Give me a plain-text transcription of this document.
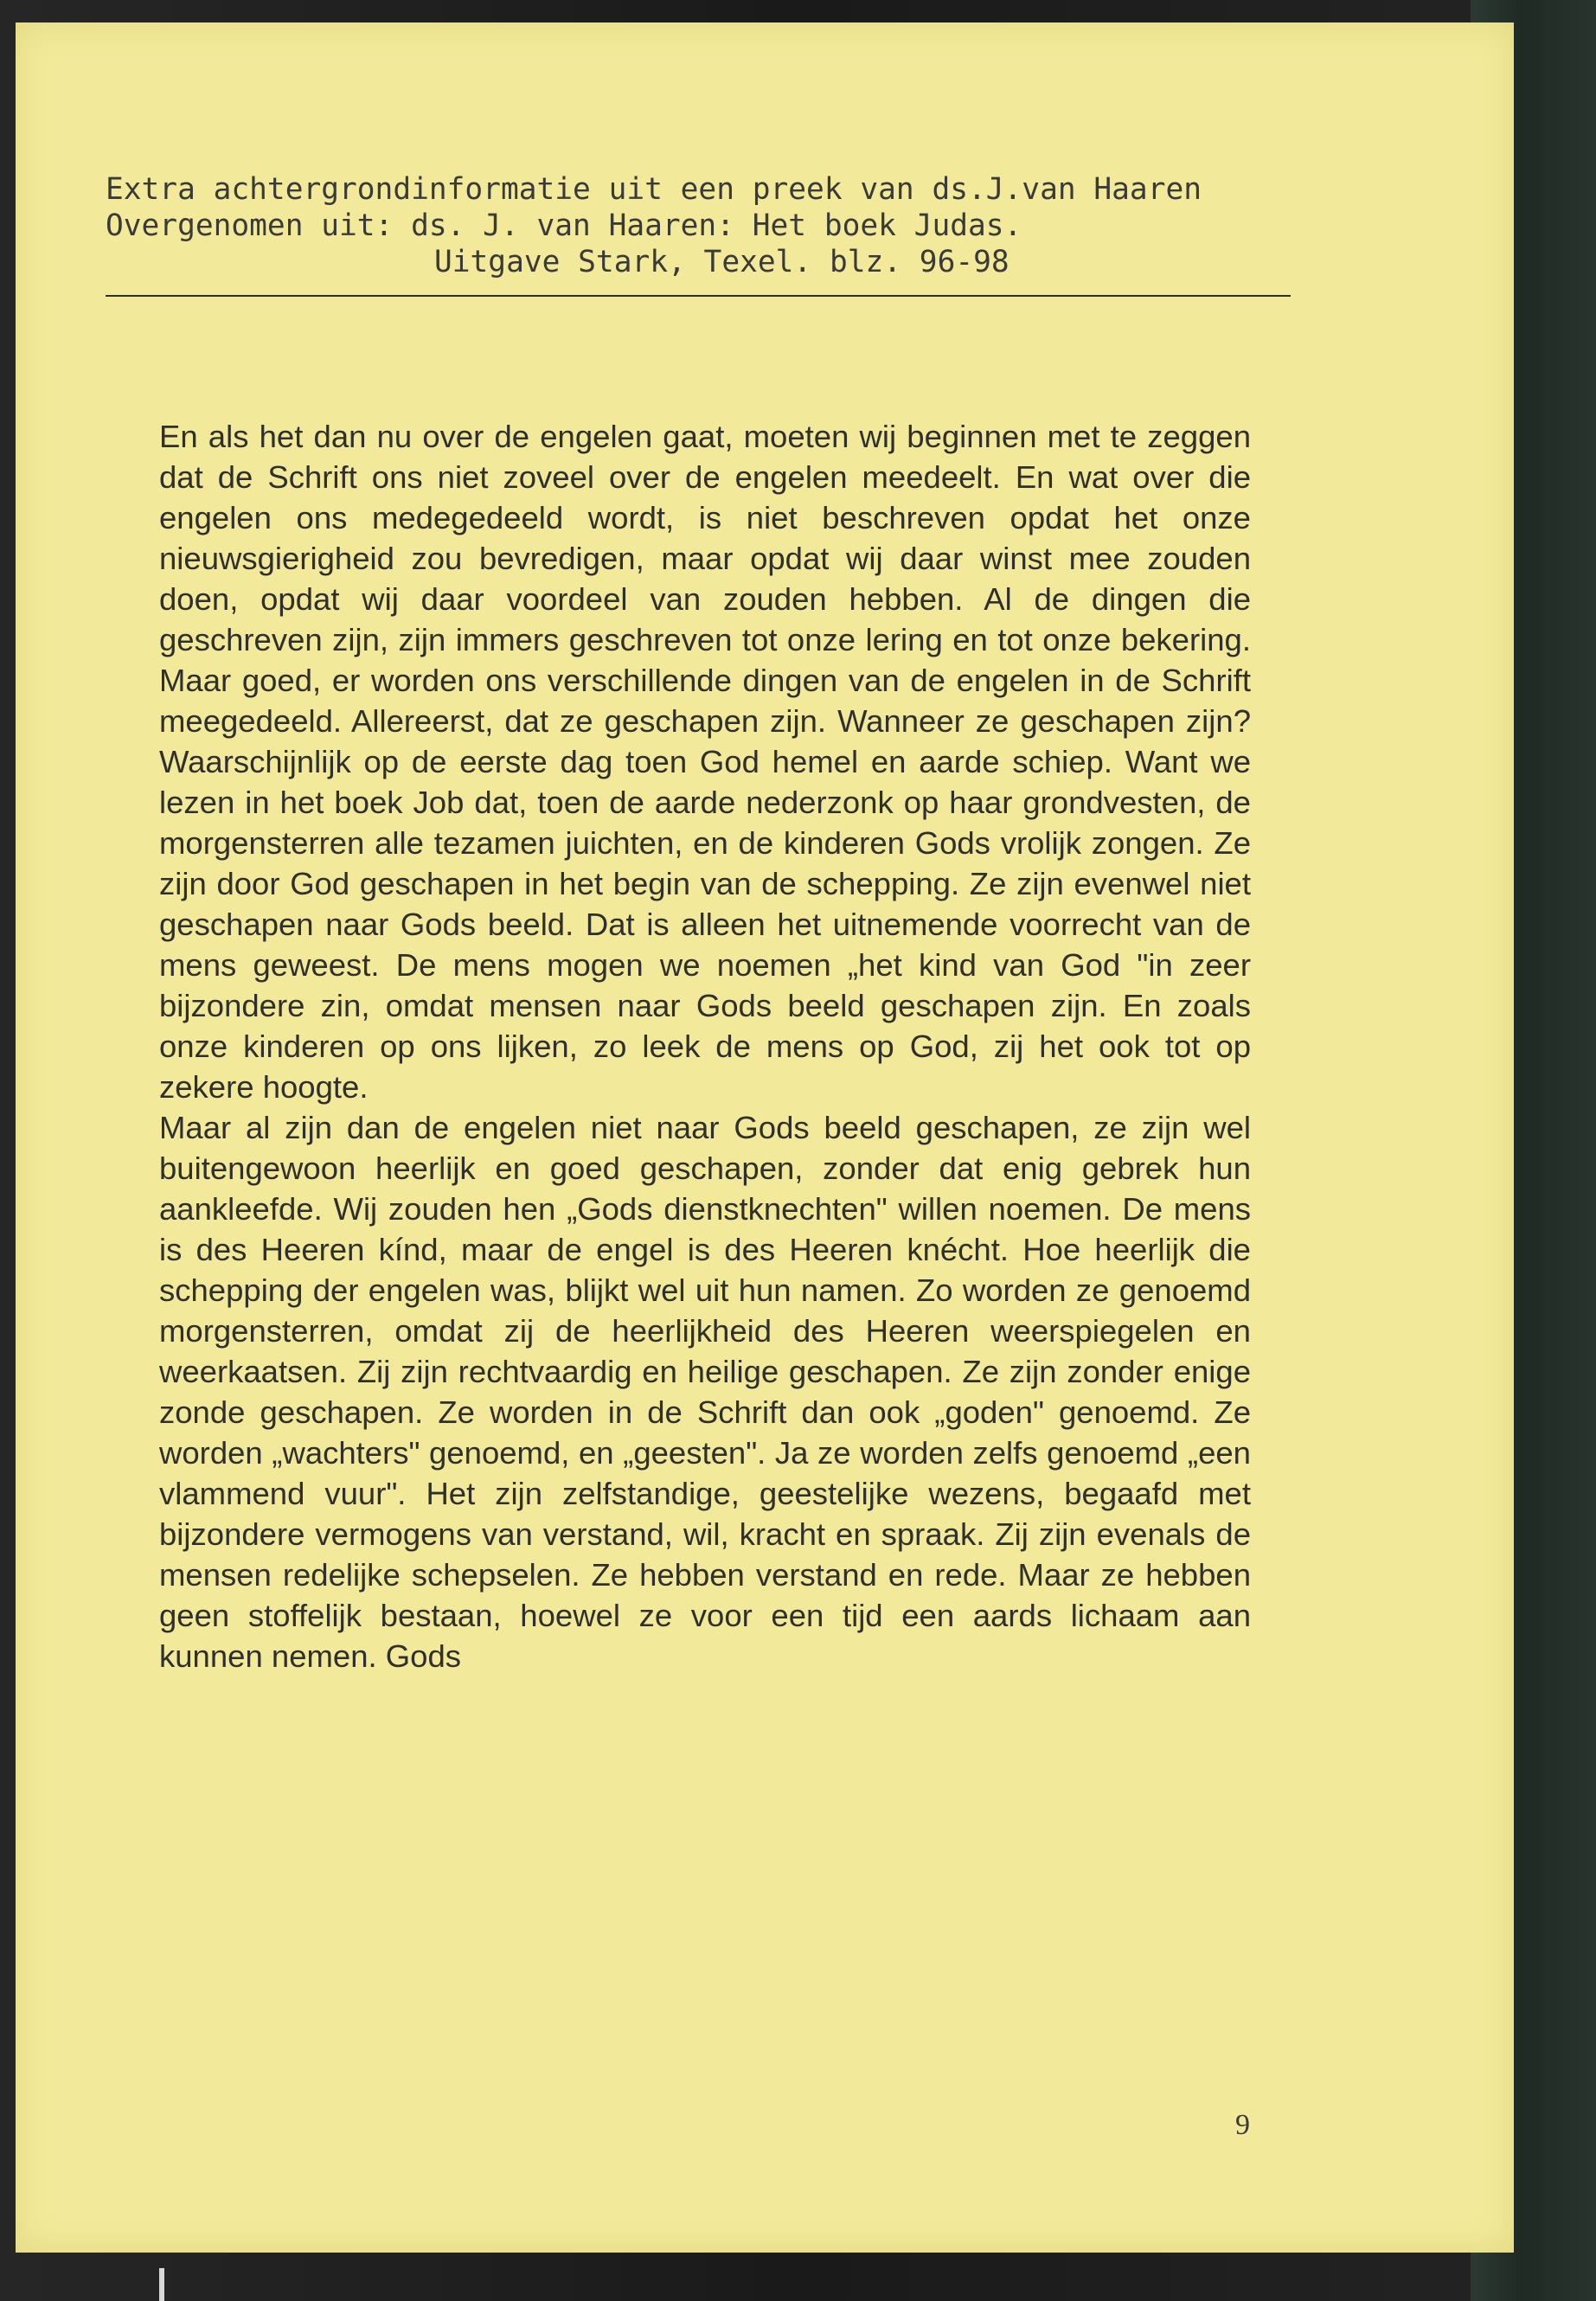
Extra achtergrondinformatie uit een preek van ds.J.van Haaren
Overgenomen uit: ds. J. van Haaren: Het boek Judas.
Uitgave Stark, Texel. blz. 96-98

En als het dan nu over de engelen gaat, moeten wij beginnen met te zeggen dat de Schrift ons niet zoveel over de engelen meedeelt. En wat over die engelen ons medegedeeld wordt, is niet beschreven opdat het onze nieuwsgierigheid zou bevredigen, maar opdat wij daar winst mee zouden doen, opdat wij daar voordeel van zouden hebben. Al de dingen die geschreven zijn, zijn immers geschreven tot onze lering en tot onze bekering. Maar goed, er worden ons verschillende dingen van de engelen in de Schrift meegedeeld. Allereerst, dat ze geschapen zijn. Wanneer ze geschapen zijn? Waarschijnlijk op de eerste dag toen God hemel en aarde schiep. Want we lezen in het boek Job dat, toen de aarde nederzonk op haar grondvesten, de morgensterren alle tezamen juichten, en de kinderen Gods vrolijk zongen. Ze zijn door God geschapen in het begin van de schepping. Ze zijn evenwel niet geschapen naar Gods beeld. Dat is alleen het uitnemende voorrecht van de mens geweest. De mens mogen we noemen „het kind van God "in zeer bijzondere zin, omdat mensen naar Gods beeld geschapen zijn. En zoals onze kinderen op ons lijken, zo leek de mens op God, zij het ook tot op zekere hoogte.

Maar al zijn dan de engelen niet naar Gods beeld geschapen, ze zijn wel buitengewoon heerlijk en goed geschapen, zonder dat enig gebrek hun aankleefde. Wij zouden hen „Gods dienstknechten" willen noemen. De mens is des Heeren kínd, maar de engel is des Heeren knécht. Hoe heerlijk die schepping der engelen was, blijkt wel uit hun namen. Zo worden ze genoemd morgensterren, omdat zij de heerlijkheid des Heeren weerspiegelen en weerkaatsen. Zij zijn rechtvaardig en heilige geschapen. Ze zijn zonder enige zonde geschapen. Ze worden in de Schrift dan ook „goden" genoemd. Ze worden „wachters" genoemd, en „geesten". Ja ze worden zelfs genoemd „een vlammend vuur". Het zijn zelfstandige, geestelijke wezens, begaafd met bijzondere vermogens van verstand, wil, kracht en spraak. Zij zijn evenals de mensen redelijke schepselen. Ze hebben verstand en rede. Maar ze hebben geen stoffelijk bestaan, hoewel ze voor een tijd een aards lichaam aan kunnen nemen. Gods

9
